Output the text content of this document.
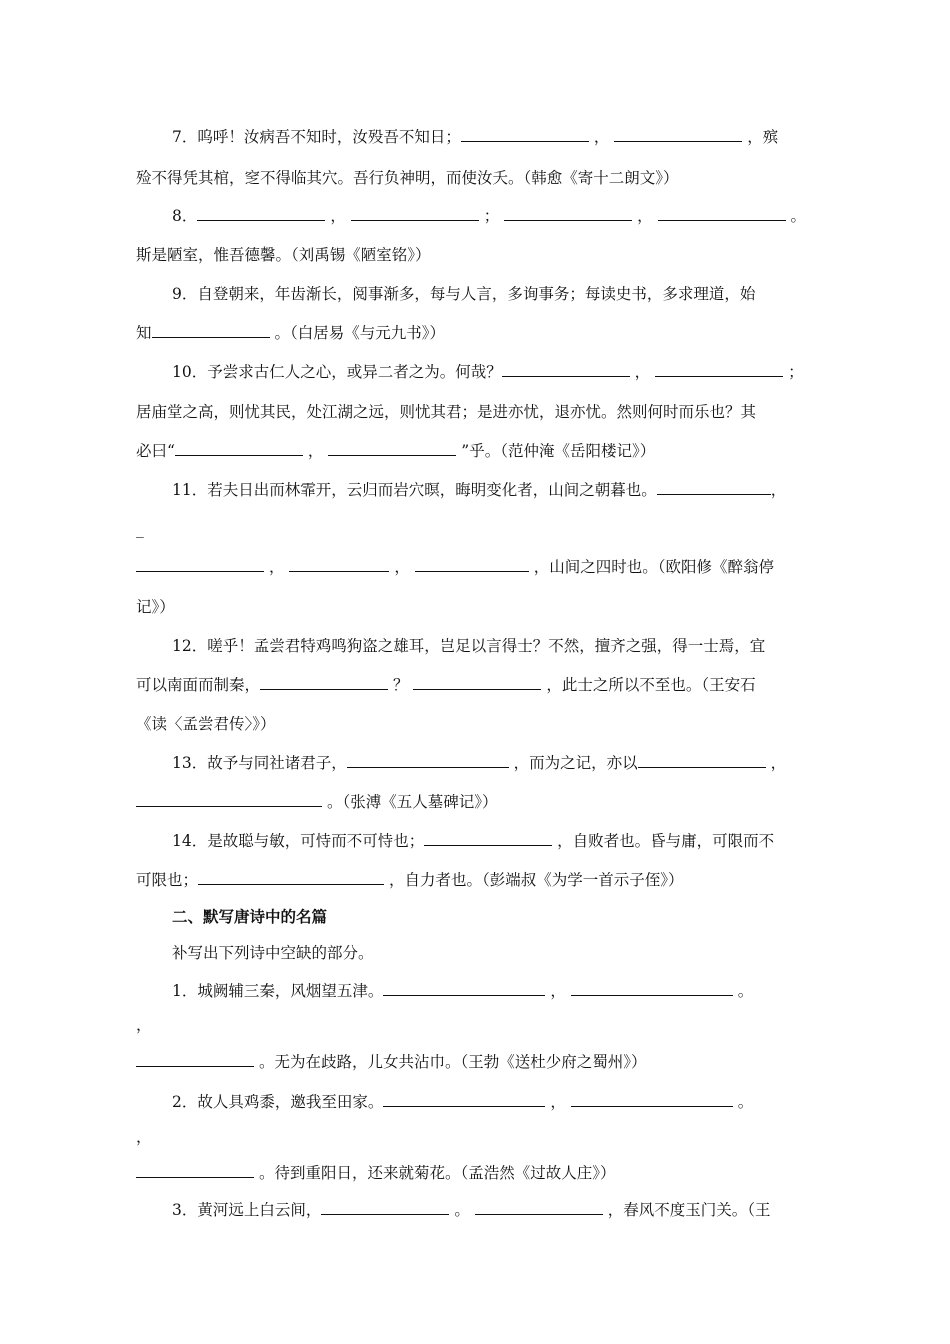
7．呜呼！汝病吾不知时，汝殁吾不知日；	，	，殡
殓不得凭其棺，窆不得临其穴。吾行负神明，而使汝夭。（韩愈《寄十二朗文》）
8．	，	；	，	。
斯是陋室，惟吾德馨。（刘禹锡《陋室铭》）
9．自登朝来，年齿渐长，阅事渐多，每与人言，多询事务；每读史书，多求理道，始
知	。（白居易《与元九书》）
10．予尝求古仁人之心，或异二者之为。何哉？	，	；
居庙堂之高，则忧其民，处江湖之远，则忧其君；是进亦忧，退亦忧。然则何时而乐也？其
必曰“	，	”乎。（范仲淹《岳阳楼记》）
11．若夫日出而林霏开，云归而岩穴暝，晦明变化者，山间之朝暮也。	，
_
，	，	，山间之四时也。（欧阳修《醉翁停
记》）
12．嗟乎！孟尝君特鸡鸣狗盗之雄耳，岂足以言得士？不然，擅齐之强，得一士焉，宜
可以南面而制秦，	？	，此士之所以不至也。（王安石
《读〈孟尝君传〉》）
13．故予与同社诸君子，	，而为之记，亦以	，
。（张溥《五人墓碑记》）
14．是故聪与敏，可恃而不可恃也；	，自败者也。昏与庸，可限而不
可限也；	，自力者也。（彭端叔《为学一首示子侄》）
二、默写唐诗中的名篇
补写出下列诗中空缺的部分。
1．城阙辅三秦，风烟望五津。	，	。
，
。无为在歧路，儿女共沾巾。（王勃《送杜少府之蜀州》）
2．故人具鸡黍，邀我至田家。	，	。
，
。待到重阳日，还来就菊花。（孟浩然《过故人庄》）
3．黄河远上白云间，	。	，春风不度玉门关。（王
